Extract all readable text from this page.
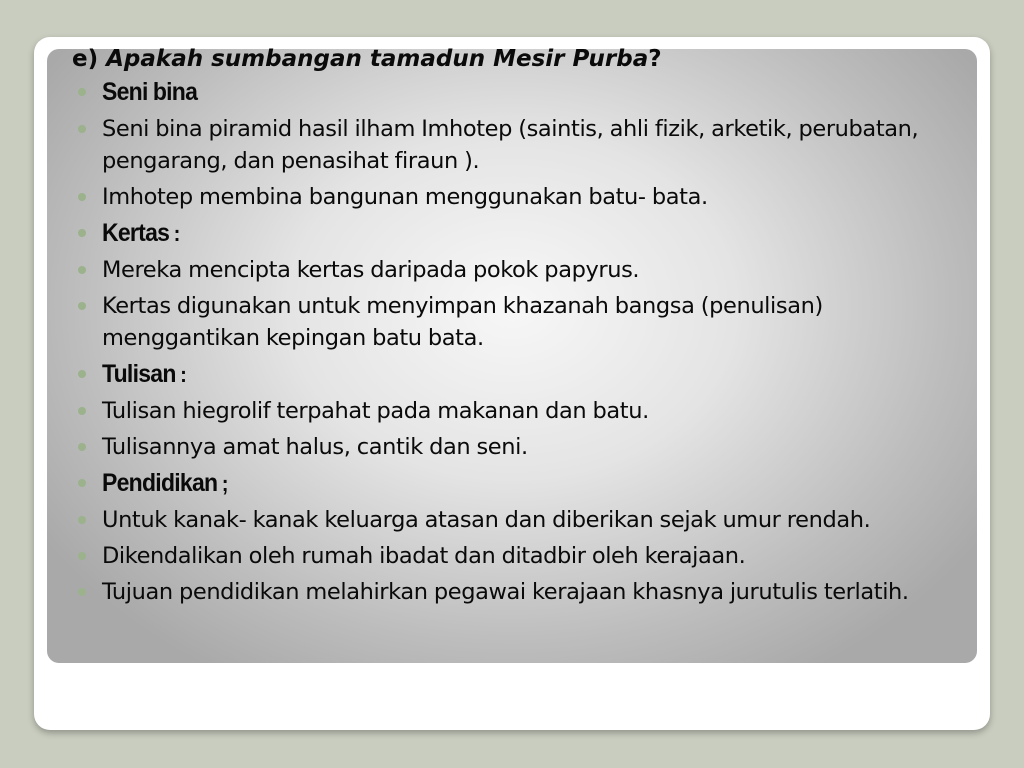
e) Apakah sumbangan tamadun Mesir Purba?
Seni bina
Seni bina piramid hasil ilham Imhotep (saintis, ahli fizik, arketik, perubatan, pengarang, dan penasihat firaun ).
Imhotep membina bangunan menggunakan batu- bata.
Kertas :
Mereka mencipta kertas daripada pokok papyrus.
Kertas digunakan untuk menyimpan khazanah bangsa (penulisan) menggantikan kepingan batu bata.
Tulisan :
Tulisan hiegrolif terpahat pada makanan dan batu.
Tulisannya amat halus, cantik dan seni.
Pendidikan ;
Untuk kanak- kanak keluarga atasan dan diberikan sejak umur rendah.
Dikendalikan oleh rumah ibadat dan ditadbir oleh kerajaan.
Tujuan pendidikan melahirkan pegawai kerajaan khasnya jurutulis terlatih.
